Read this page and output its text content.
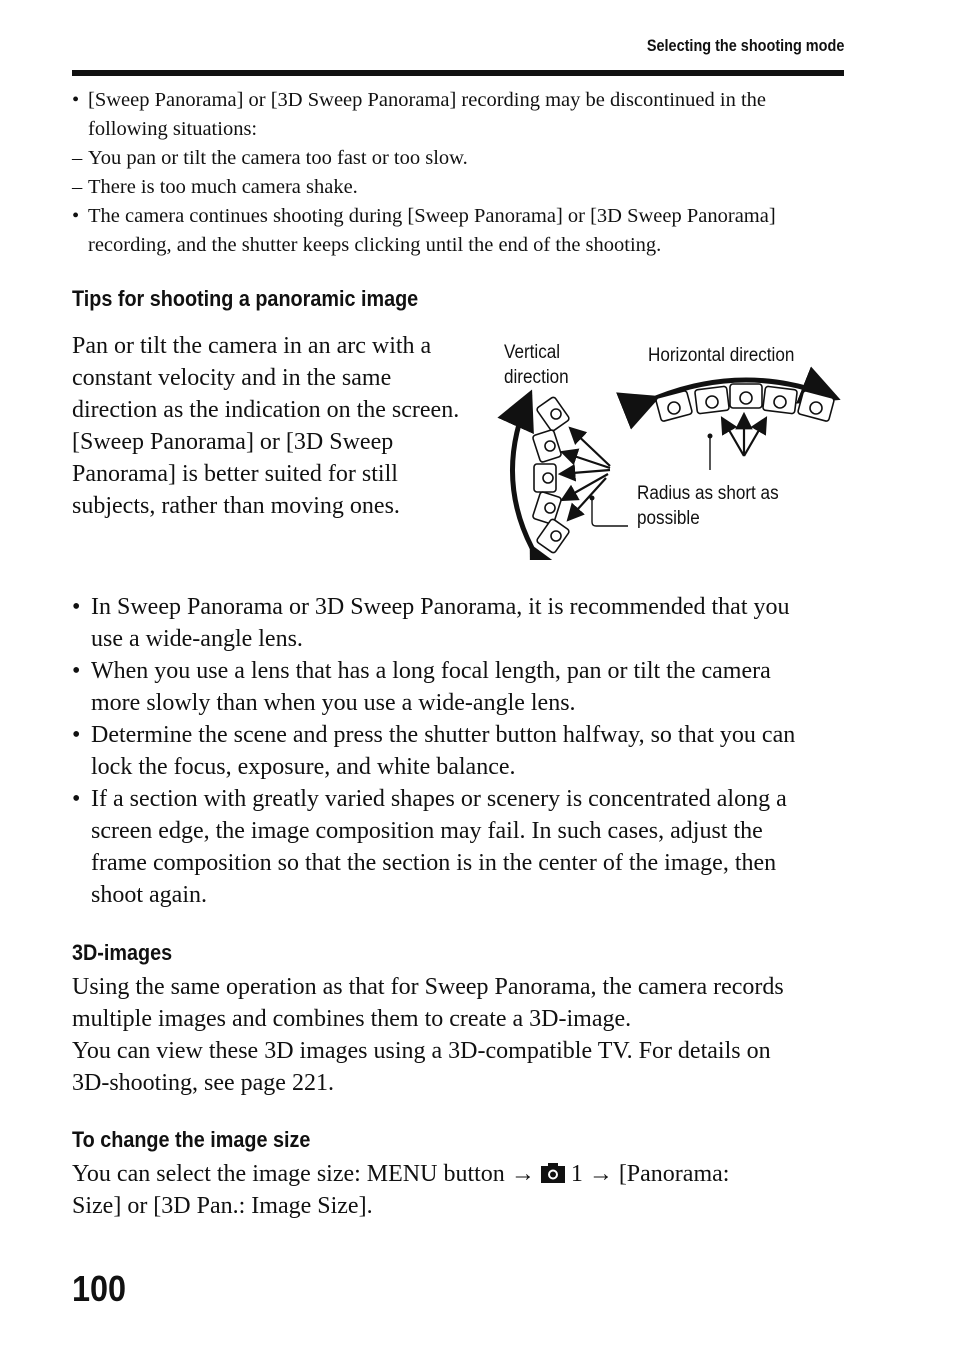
Selecting the shooting mode
• [Sweep Panorama] or [3D Sweep Panorama] recording may be discontinued in the
following situations:
– You pan or tilt the camera too fast or too slow.
– There is too much camera shake.
• The camera continues shooting during [Sweep Panorama] or [3D Sweep Panorama]
recording, and the shutter keeps clicking until the end of the shooting.
Tips for shooting a panoramic image
Pan or tilt the camera in an arc with a
constant velocity and in the same
direction as the indication on the screen.
[Sweep Panorama] or [3D Sweep
Panorama] is better suited for still
subjects, rather than moving ones.
Vertical
direction
Horizontal direction
Radius as short as
possible
• In Sweep Panorama or 3D Sweep Panorama, it is recommended that you
use a wide-angle lens.
• When you use a lens that has a long focal length, pan or tilt the camera
more slowly than when you use a wide-angle lens.
• Determine the scene and press the shutter button halfway, so that you can
lock the focus, exposure, and white balance.
• If a section with greatly varied shapes or scenery is concentrated along a
screen edge, the image composition may fail. In such cases, adjust the
frame composition so that the section is in the center of the image, then
shoot again.
3D-images
Using the same operation as that for Sweep Panorama, the camera records
multiple images and combines them to create a 3D-image.
You can view these 3D images using a 3D-compatible TV. For details on
3D-shooting, see page 221.
To change the image size
You can select the image size: MENU button → 1 → [Panorama:
Size] or [3D Pan.: Image Size].
100
